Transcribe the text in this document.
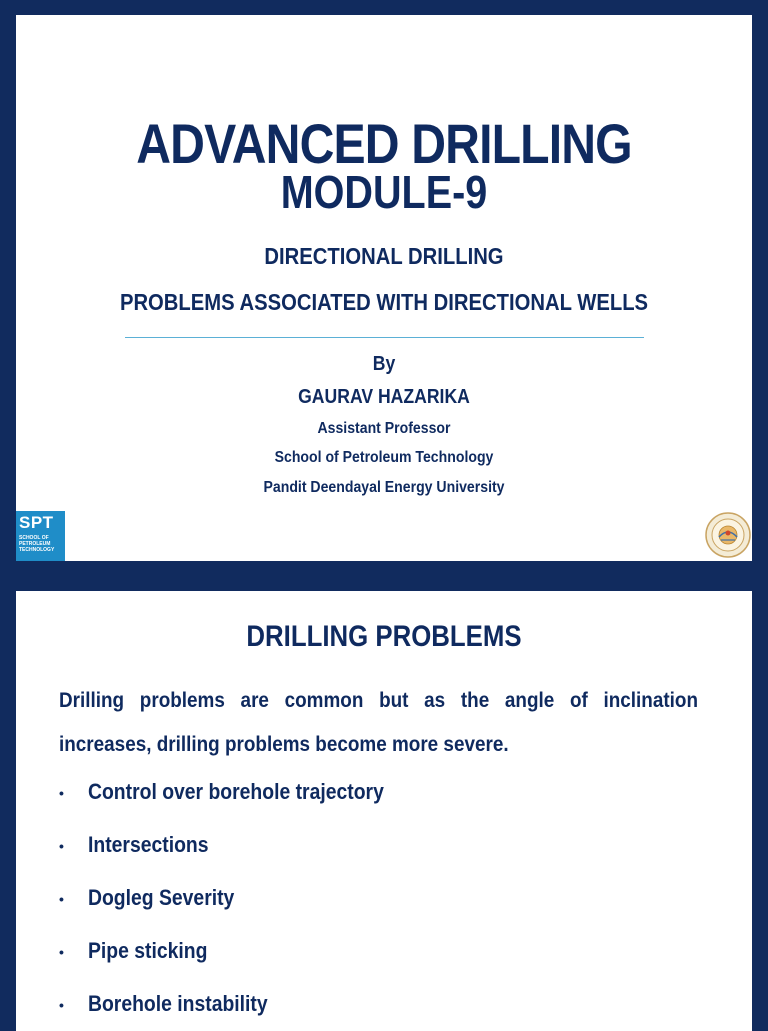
ADVANCED DRILLING
MODULE-9
DIRECTIONAL DRILLING
PROBLEMS ASSOCIATED WITH DIRECTIONAL WELLS
By
GAURAV HAZARIKA
Assistant Professor
School of Petroleum Technology
Pandit Deendayal Energy University
SPT
SCHOOL OF
PETROLEUM
TECHNOLOGY
DRILLING PROBLEMS
Drilling problems are common but as the angle of inclination increases, drilling problems become more severe.
• Control over borehole trajectory
• Intersections
• Dogleg Severity
• Pipe sticking
• Borehole instability
